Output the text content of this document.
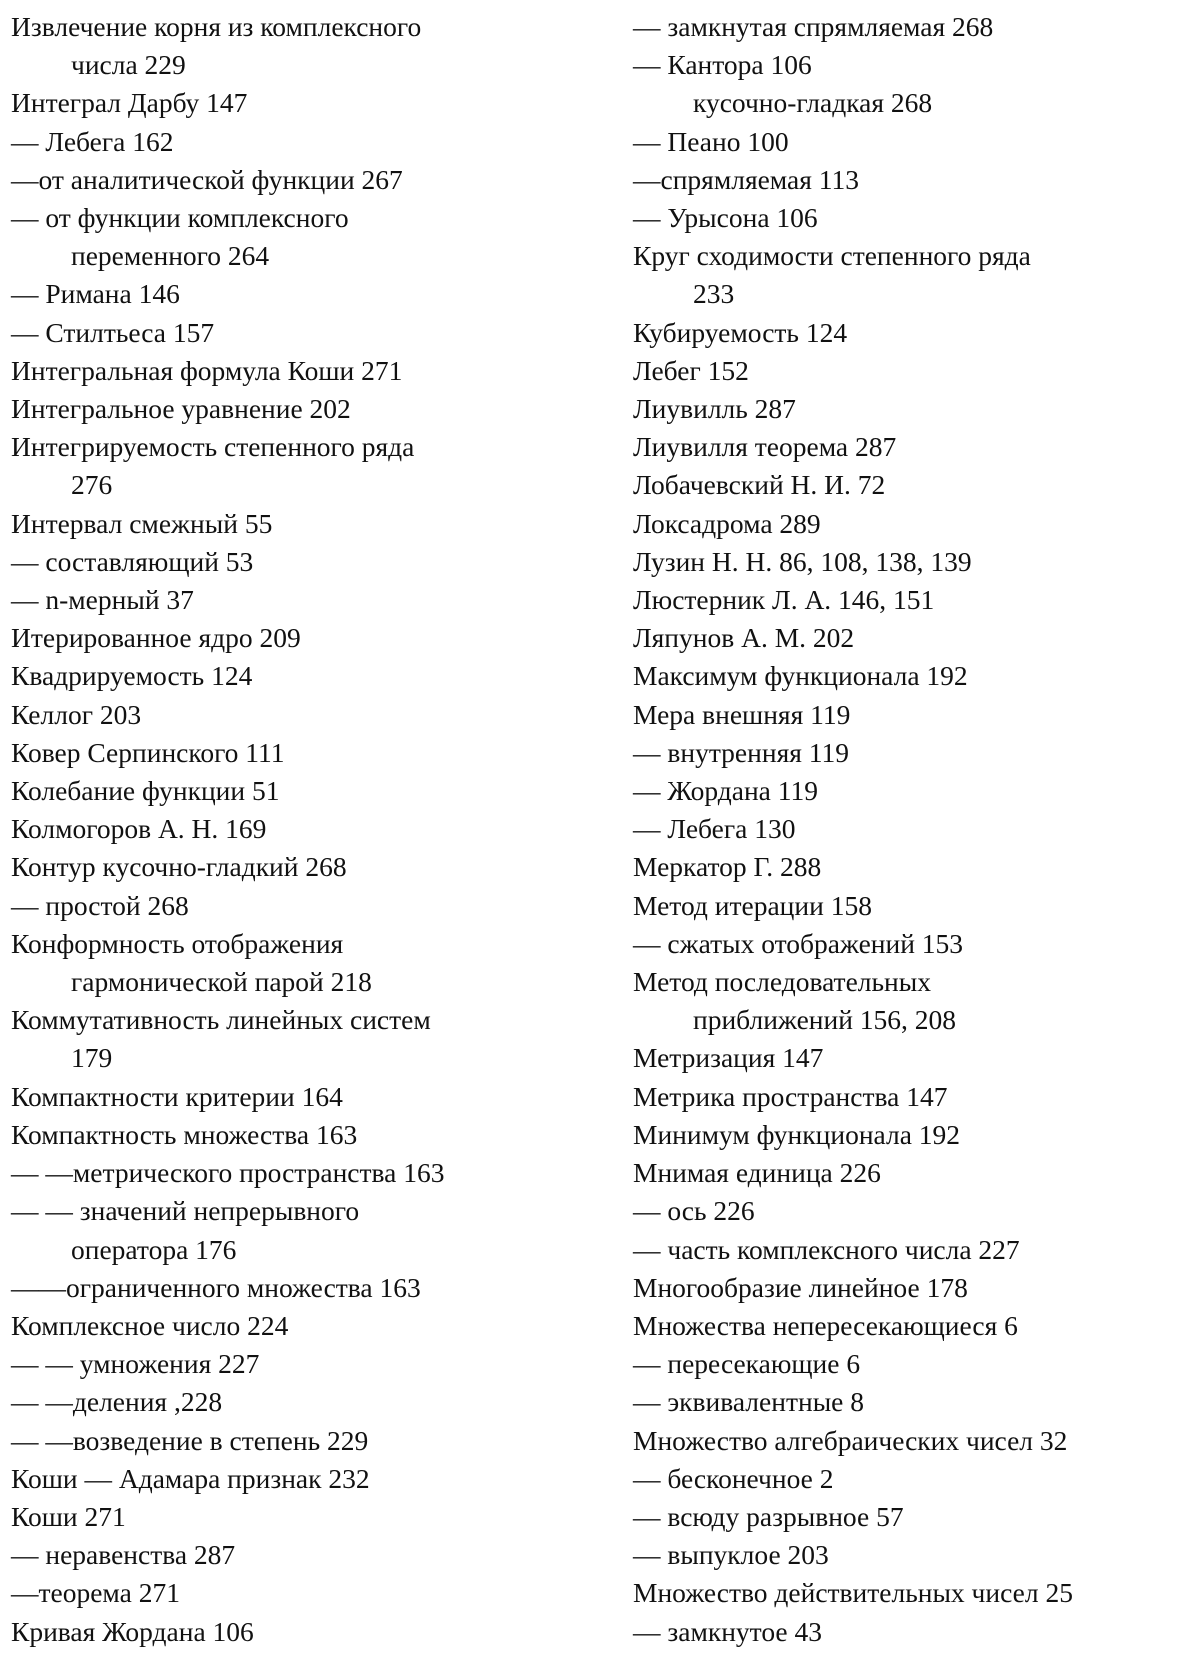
Извлечение корня из комплексного
числа 229
Интеграл Дарбу 147
— Лебега 162
—от аналитической функции 267
— от функции комплексного
переменного 264
— Римана 146
— Стилтьеса 157
Интегральная формула Коши 271
Интегральное уравнение 202
Интегрируемость степенного ряда
276
Интервал смежный 55
— составляющий 53
— n-мерный 37
Итерированное ядро 209
Квадрируемость 124
Келлог 203
Ковер Серпинского 111
Колебание функции 51
Колмогоров А. Н. 169
Контур кусочно-гладкий 268
— простой 268
Конформность отображения
гармонической парой 218
Коммутативность линейных систем
179
Компактности критерии 164
Компактность множества 163
— —метрического пространства 163
— — значений непрерывного
оператора 176
——ограниченного множества 163
Комплексное число 224
— — умножения 227
— —деления ,228
— —возведение в степень 229
Коши — Адамара признак 232
Коши 271
— неравенства 287
—теорема 271
Кривая Жордана 106
— замкнутая спрямляемая 268
— Кантора 106
кусочно-гладкая 268
— Пеано 100
—спрямляемая 113
— Урысона 106
Круг сходимости степенного ряда
233
Кубируемость 124
Лебег 152
Лиувилль 287
Лиувилля теорема 287
Лобачевский Н. И. 72
Локсадрома 289
Лузин Н. Н. 86, 108, 138, 139
Люстерник Л. А. 146, 151
Ляпунов А. М. 202
Максимум функционала 192
Мера внешняя 119
— внутренняя 119
— Жордана 119
— Лебега 130
Меркатор Г. 288
Метод итерации 158
— сжатых отображений 153
Метод последовательных
приближений 156, 208
Метризация 147
Метрика пространства 147
Минимум функционала 192
Мнимая единица 226
— ось 226
— часть комплексного числа 227
Многообразие линейное 178
Множества непересекающиеся 6
— пересекающие 6
— эквивалентные 8
Множество алгебраических чисел 32
— бесконечное 2
— всюду разрывное 57
— выпуклое 203
Множество действительных чисел 25
— замкнутое 43
